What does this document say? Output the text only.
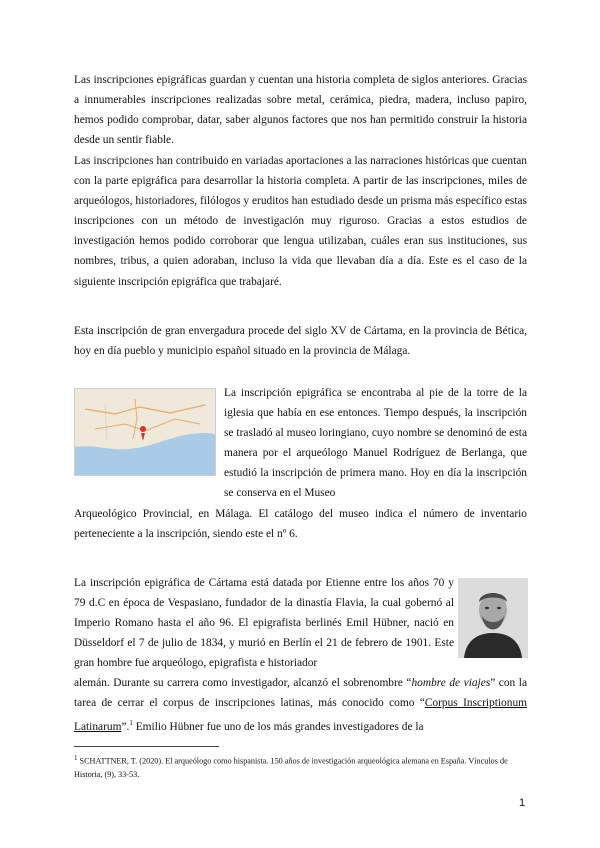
Las inscripciones epigráficas guardan y cuentan una historia completa de siglos anteriores. Gracias a innumerables inscripciones realizadas sobre metal, cerámica, piedra, madera, incluso papiro, hemos podido comprobar, datar, saber algunos factores que nos han permitido construir la historia desde un sentir fiable.

Las inscripciones han contribuido en variadas aportaciones a las narraciones históricas que cuentan con la parte epigráfica para desarrollar la historia completa. A partir de las inscripciones, miles de arqueólogos, historiadores, filólogos y eruditos han estudiado desde un prisma más específico estas inscripciones con un método de investigación muy riguroso. Gracias a estos estudios de investigación hemos podido corroborar que lengua utilizaban, cuáles eran sus instituciones, sus nombres, tribus, a quien adoraban, incluso la vida que llevaban día a día. Este es el caso de la siguiente inscripción epigráfica que trabajaré.

Esta inscripción de gran envergadura procede del siglo XV de Cártama, en la provincia de Bética, hoy en día pueblo y municipio español situado en la provincia de Málaga.

La inscripción epigráfica se encontraba al pie de la torre de la iglesia que había en ese entonces. Tiempo después, la inscripción se trasladó al museo loringiano, cuyo nombre se denominó de esta manera por el arqueólogo Manuel Rodríguez de Berlanga, que estudió la inscripción de primera mano. Hoy en día la inscripción se conserva en el Museo

Arqueológico Provincial, en Málaga. El catálogo del museo indica el número de inventario perteneciente a la inscripción, siendo este el nº 6.

La inscripción epigráfica de Cártama está datada por Etienne entre los años 70 y 79 d.C en época de Vespasiano, fundador de la dinastía Flavia, la cual gobernó al Imperio Romano hasta el año 96. El epigrafista berlinés Emil Hübner, nació en Düsseldorf el 7 de julio de 1834, y murió en Berlín el 21 de febrero de 1901. Este gran hombre fue arqueólogo, epigrafista e historiador

alemán. Durante su carrera como investigador, alcanzó el sobrenombre “hombre de viajes” con la tarea de cerrar el corpus de inscripciones latinas, más conocido como “Corpus Inscriptionum Latinarum”.$^1$ Emilio Hübner fue uno de los más grandes investigadores de la

$^1$ SCHATTNER, T. (2020). El arqueólogo como hispanista. 150 años de investigación arqueológica alemana en España. Vínculos de Historia, (9), 33-53.

1
